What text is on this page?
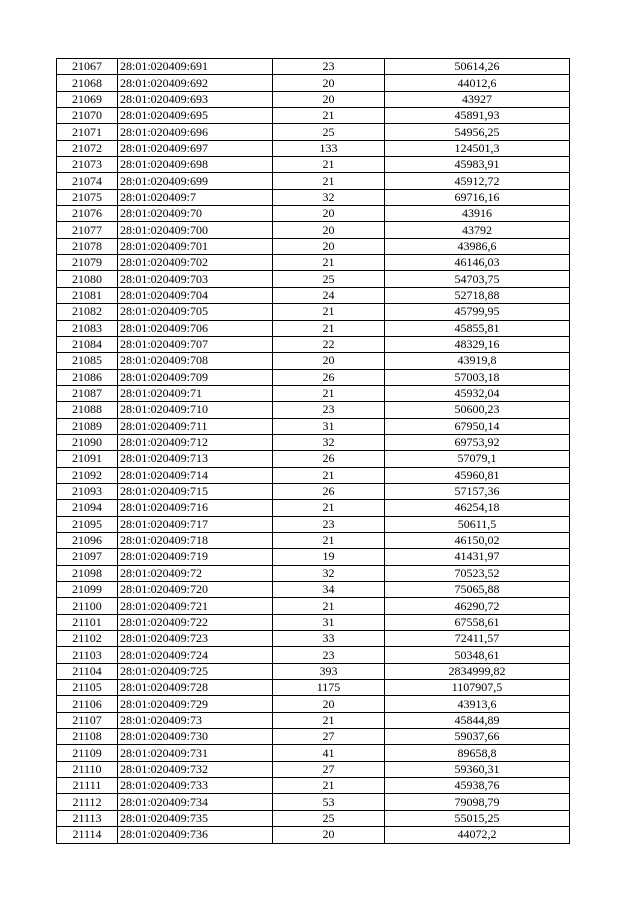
21067	28:01:020409:691	23	50614,26
21068	28:01:020409:692	20	44012,6
21069	28:01:020409:693	20	43927
21070	28:01:020409:695	21	45891,93
21071	28:01:020409:696	25	54956,25
21072	28:01:020409:697	133	124501,3
21073	28:01:020409:698	21	45983,91
21074	28:01:020409:699	21	45912,72
21075	28:01:020409:7	32	69716,16
21076	28:01:020409:70	20	43916
21077	28:01:020409:700	20	43792
21078	28:01:020409:701	20	43986,6
21079	28:01:020409:702	21	46146,03
21080	28:01:020409:703	25	54703,75
21081	28:01:020409:704	24	52718,88
21082	28:01:020409:705	21	45799,95
21083	28:01:020409:706	21	45855,81
21084	28:01:020409:707	22	48329,16
21085	28:01:020409:708	20	43919,8
21086	28:01:020409:709	26	57003,18
21087	28:01:020409:71	21	45932,04
21088	28:01:020409:710	23	50600,23
21089	28:01:020409:711	31	67950,14
21090	28:01:020409:712	32	69753,92
21091	28:01:020409:713	26	57079,1
21092	28:01:020409:714	21	45960,81
21093	28:01:020409:715	26	57157,36
21094	28:01:020409:716	21	46254,18
21095	28:01:020409:717	23	50611,5
21096	28:01:020409:718	21	46150,02
21097	28:01:020409:719	19	41431,97
21098	28:01:020409:72	32	70523,52
21099	28:01:020409:720	34	75065,88
21100	28:01:020409:721	21	46290,72
21101	28:01:020409:722	31	67558,61
21102	28:01:020409:723	33	72411,57
21103	28:01:020409:724	23	50348,61
21104	28:01:020409:725	393	2834999,82
21105	28:01:020409:728	1175	1107907,5
21106	28:01:020409:729	20	43913,6
21107	28:01:020409:73	21	45844,89
21108	28:01:020409:730	27	59037,66
21109	28:01:020409:731	41	89658,8
21110	28:01:020409:732	27	59360,31
21111	28:01:020409:733	21	45938,76
21112	28:01:020409:734	53	79098,79
21113	28:01:020409:735	25	55015,25
21114	28:01:020409:736	20	44072,2
